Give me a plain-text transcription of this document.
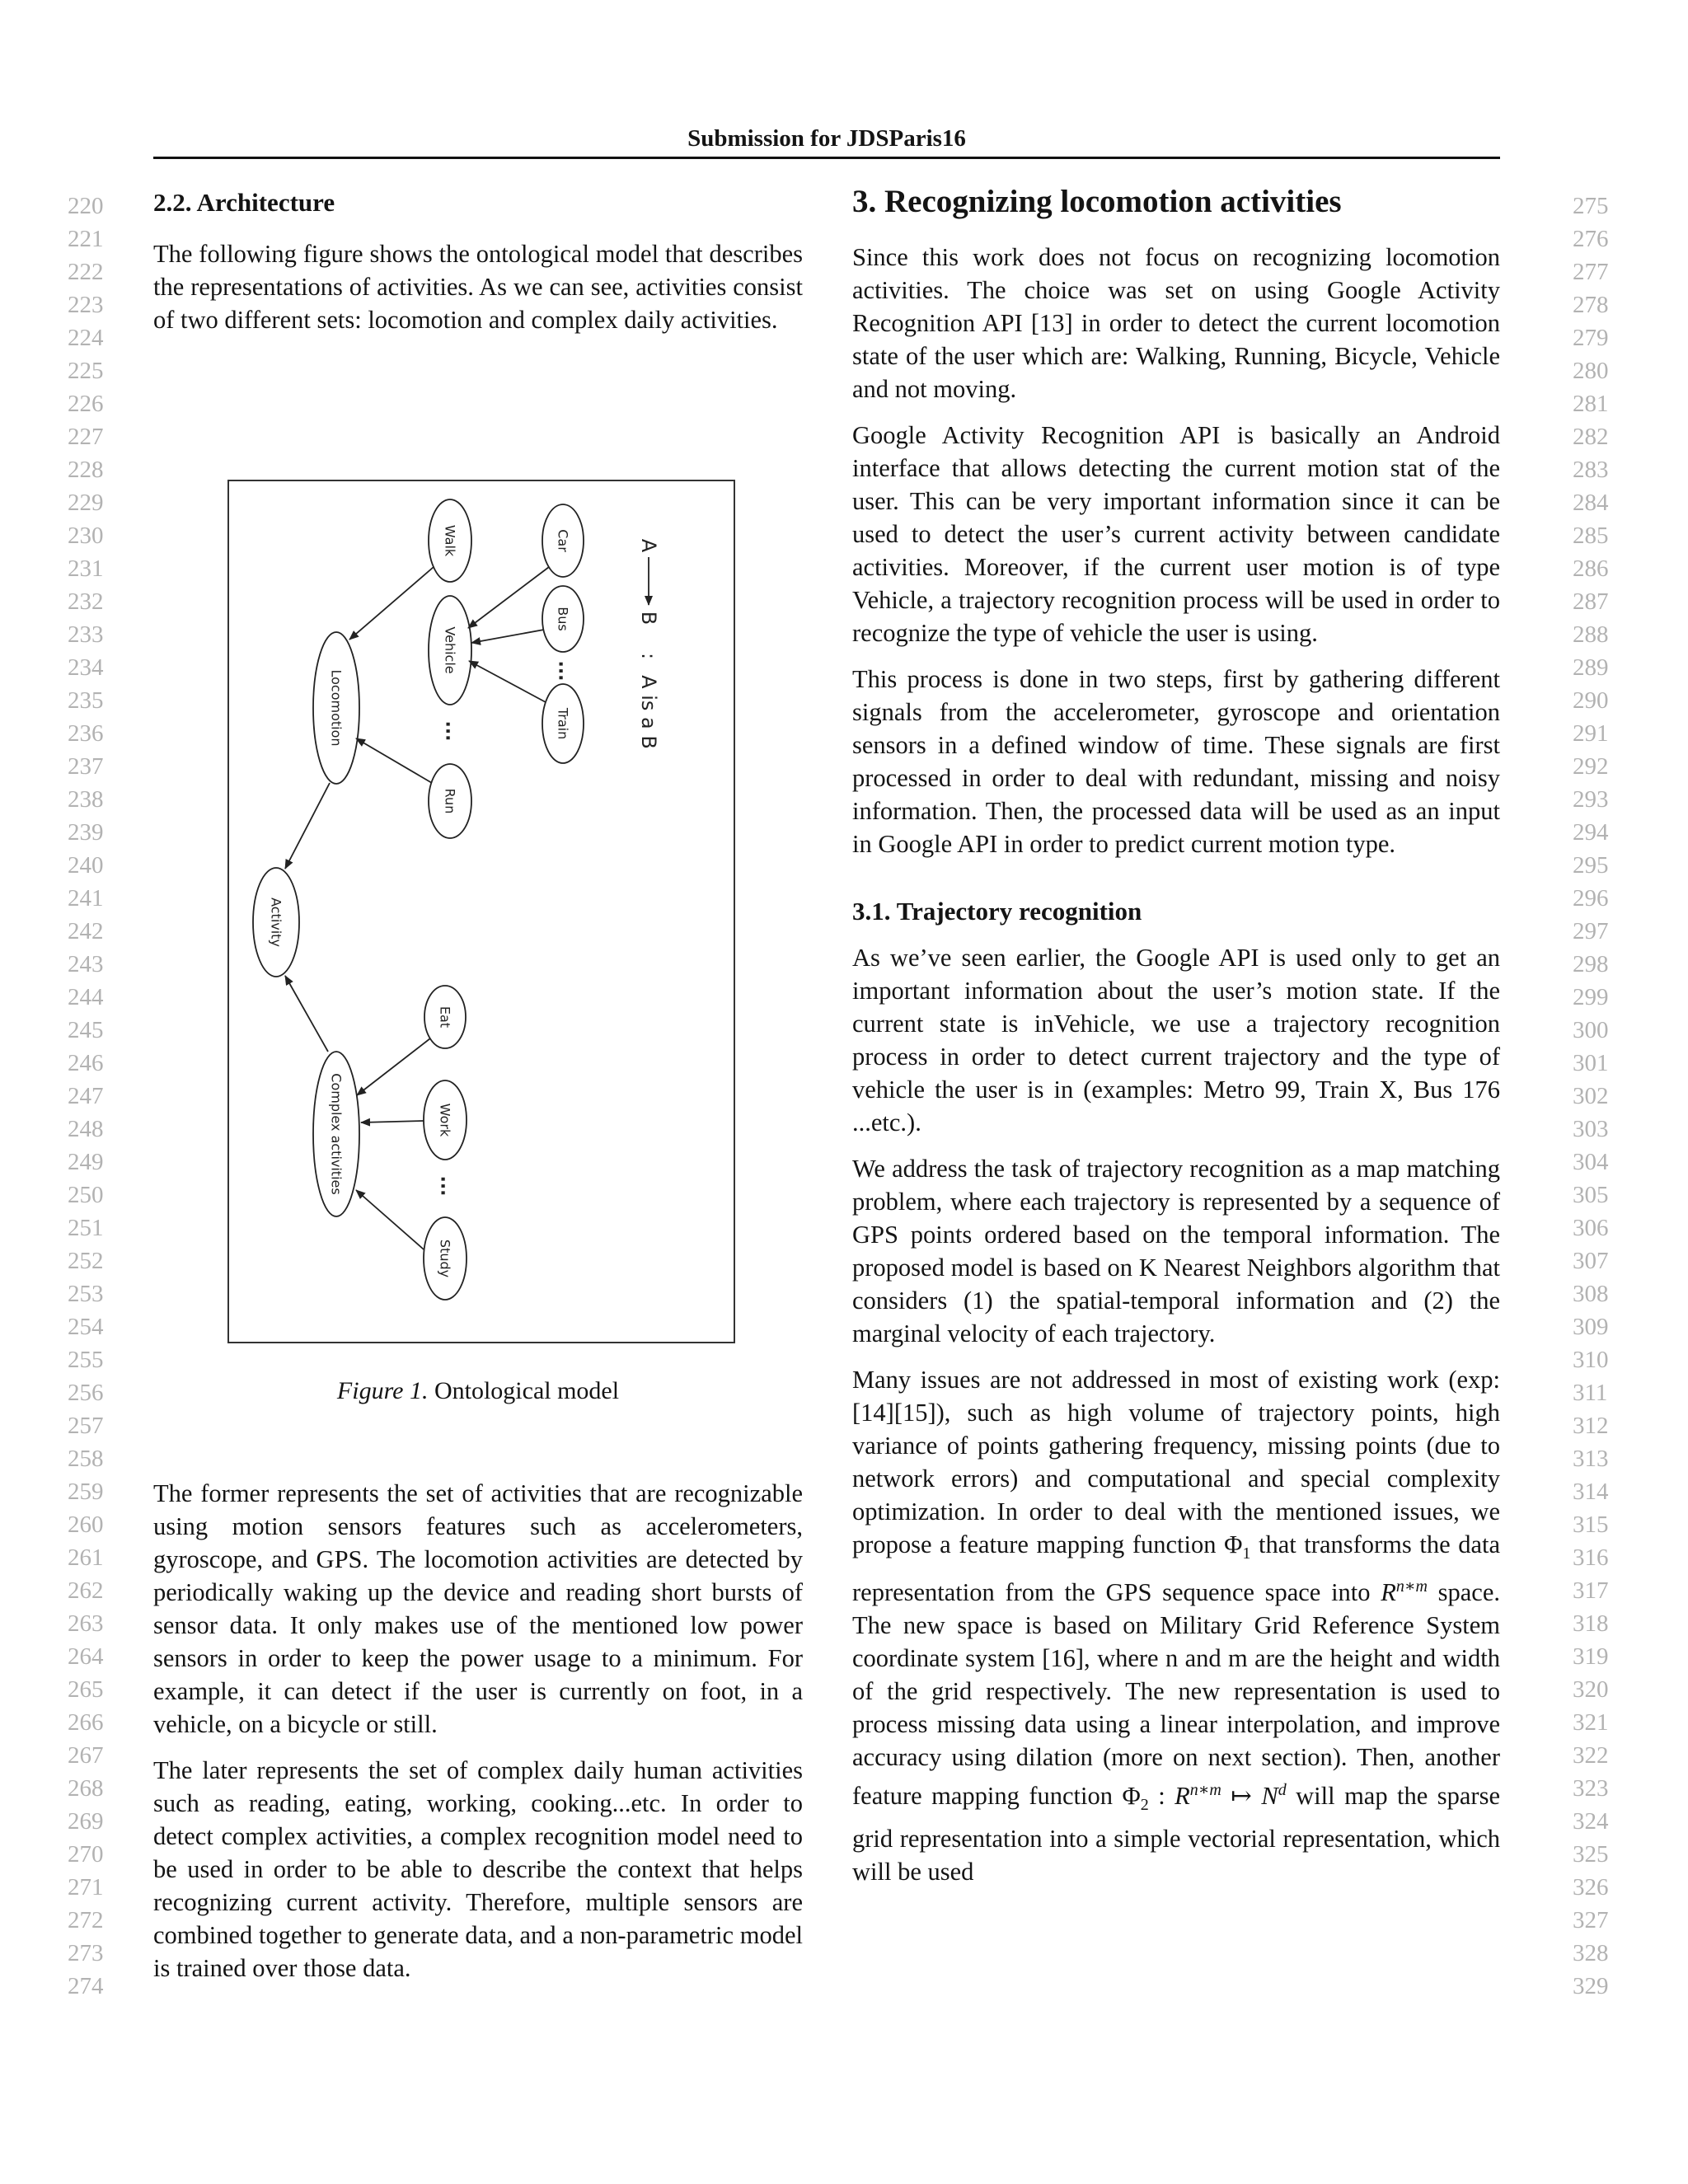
Submission for JDSParis16
220
221
222
223
224
225
226
227
228
229
230
231
232
233
234
235
236
237
238
239
240
241
242
243
244
245
246
247
248
249
250
251
252
253
254
255
256
257
258
259
260
261
262
263
264
265
266
267
268
269
270
271
272
273
274
275
276
277
278
279
280
281
282
283
284
285
286
287
288
289
290
291
292
293
294
295
296
297
298
299
300
301
302
303
304
305
306
307
308
309
310
311
312
313
314
315
316
317
318
319
320
321
322
323
324
325
326
327
328
329

2.2. Architecture

The following figure shows the ontological model that describes the representations of activities. As we can see, activities consist of two different sets: locomotion and complex daily activities.

Walk	Car
Vehicle
Bus
...
Train
Locomotion	...
Run
Activity
Eat
Complex activities	Work
...
Study
A
B
:
A is a B
Figure 1. Ontological model

The former represents the set of activities that are recognizable using motion sensors features such as accelerometers, gyroscope, and GPS. The locomotion activities are detected by periodically waking up the device and reading short bursts of sensor data. It only makes use of the mentioned low power sensors in order to keep the power usage to a minimum. For example, it can detect if the user is currently on foot, in a vehicle, on a bicycle or still.

The later represents the set of complex daily human activities such as reading, eating, working, cooking...etc. In order to detect complex activities, a complex recognition model need to be used in order to be able to describe the context that helps recognizing current activity. Therefore, multiple sensors are combined together to generate data, and a non-parametric model is trained over those data.

3. Recognizing locomotion activities

Since this work does not focus on recognizing locomotion activities. The choice was set on using Google Activity Recognition API [13] in order to detect the current locomotion state of the user which are: Walking, Running, Bicycle, Vehicle and not moving.

Google Activity Recognition API is basically an Android interface that allows detecting the current motion stat of the user. This can be very important information since it can be used to detect the user’s current activity between candidate activities. Moreover, if the current user motion is of type Vehicle, a trajectory recognition process will be used in order to recognize the type of vehicle the user is using.

This process is done in two steps, first by gathering different signals from the accelerometer, gyroscope and orientation sensors in a defined window of time. These signals are first processed in order to deal with redundant, missing and noisy information. Then, the processed data will be used as an input in Google API in order to predict current motion type.

3.1. Trajectory recognition

As we’ve seen earlier, the Google API is used only to get an important information about the user’s motion state. If the current state is inVehicle, we use a trajectory recognition process in order to detect current trajectory and the type of vehicle the user is in (examples: Metro 99, Train X, Bus 176 ...etc.).

We address the task of trajectory recognition as a map matching problem, where each trajectory is represented by a sequence of GPS points ordered based on the temporal information. The proposed model is based on K Nearest Neighbors algorithm that considers (1) the spatial-temporal information and (2) the marginal velocity of each trajectory.

Many issues are not addressed in most of existing work (exp: [14][15]), such as high volume of trajectory points, high variance of points gathering frequency, missing points (due to network errors) and computational and special complexity optimization. In order to deal with the mentioned issues, we propose a feature mapping function $\Phi_1$ that transforms the data representation from the GPS sequence space into $R^{n∗m}$ space. The new space is based on Military Grid Reference System coordinate system [16], where n and m are the height and width of the grid respectively. The new representation is used to process missing data using a linear interpolation, and improve accuracy using dilation (more on next section). Then, another feature mapping function $\Phi_2$ : $R^{n∗m}$ ↦ $N^d$ will map the sparse grid representation into a simple vectorial representation, which will be used
